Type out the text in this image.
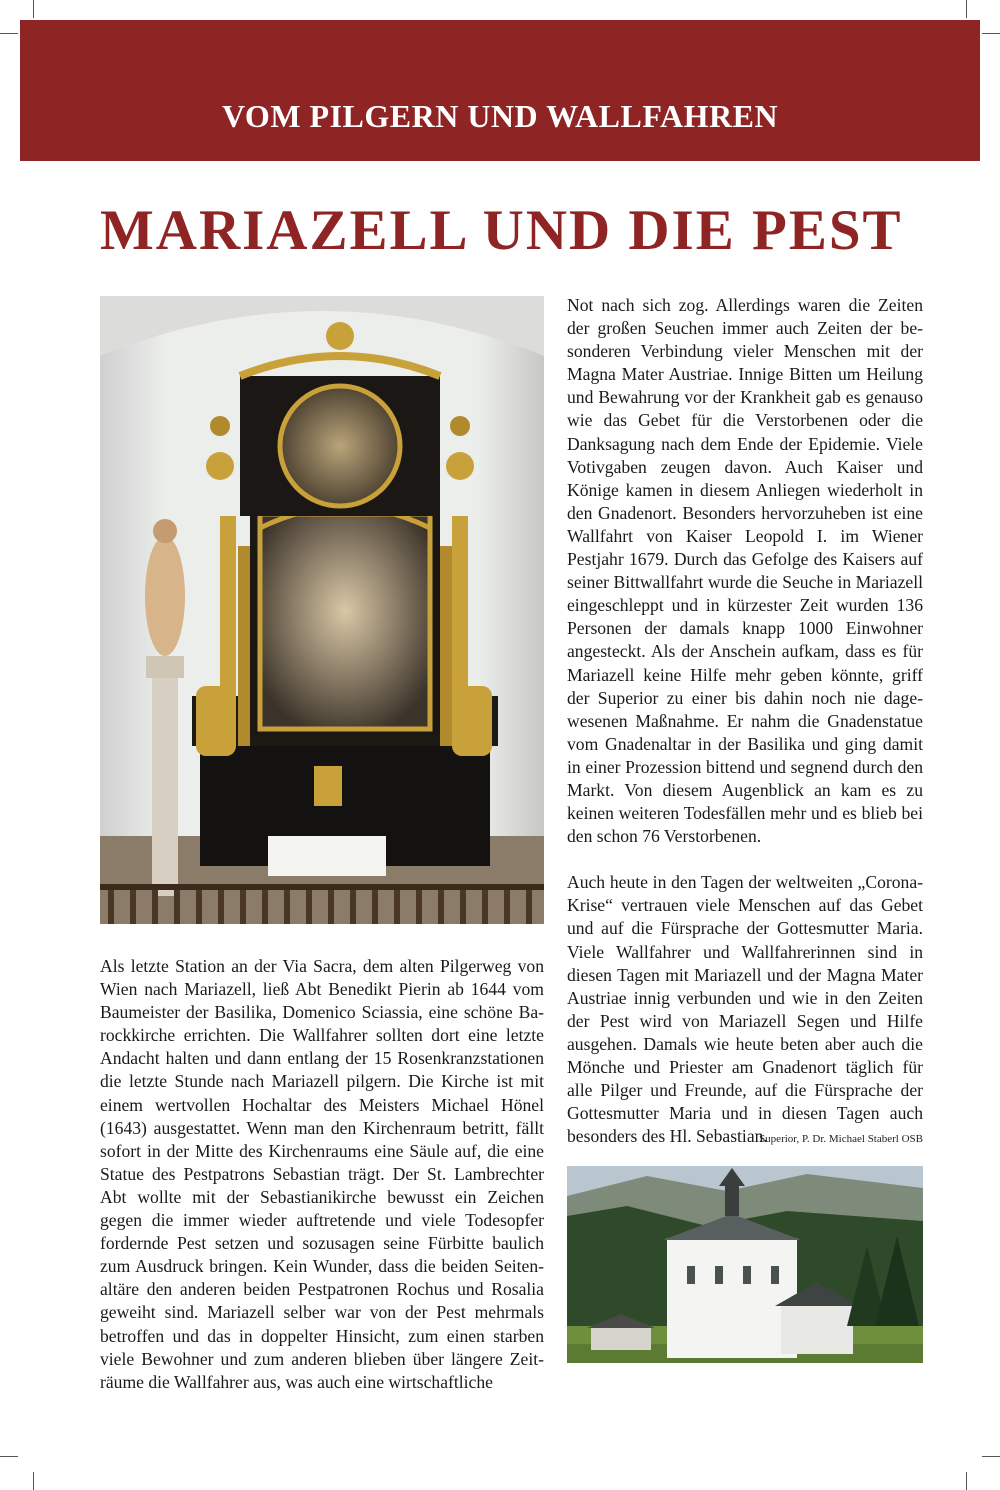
VOM PILGERN UND WALLFAHREN
MARIAZELL UND DIE PEST

Als letzte Station an der Via Sacra, dem alten Pilgerweg von Wien nach Mariazell, ließ Abt Benedikt Pierin ab 1644 vom Baumeister der Basilika, Domenico Sciassia, eine schöne Barockkirche errichten. Die Wallfahrer sollten dort eine letzte Andacht halten und dann entlang der 15 Rosenkranzstationen die letzte Stunde nach Mariazell pilgern. Die Kirche ist mit einem wertvollen Hochaltar des Meisters Michael Hönel (1643) ausgestattet. Wenn man den Kirchenraum betritt, fällt sofort in der Mitte des Kirchenraums eine Säule auf, die eine Statue des Pestpatrons Sebastian trägt. Der St. Lambrechter Abt wollte mit der Sebastianikirche bewusst ein Zeichen gegen die immer wieder auftretende und viele Todesopfer fordernde Pest setzen und sozusagen seine Fürbitte baulich zum Ausdruck bringen. Kein Wunder, dass die beiden Seitenaltäre den anderen beiden Pestpatronen Rochus und Rosalia geweiht sind. Mariazell selber war von der Pest mehrmals betroffen und das in doppelter Hinsicht, zum einen starben viele Bewohner und zum anderen blieben über längere Zeiträume die Wallfahrer aus, was auch eine wirtschaftliche

Not nach sich zog. Allerdings waren die Zeiten der großen Seuchen immer auch Zeiten der besonderen Verbindung vieler Menschen mit der Magna Mater Austriae. Innige Bitten um Heilung und Bewahrung vor der Krankheit gab es genauso wie das Gebet für die Verstorbenen oder die Danksagung nach dem Ende der Epidemie. Viele Votivgaben zeugen davon. Auch Kaiser und Könige kamen in diesem Anliegen wiederholt in den Gnadenort. Besonders hervorzuheben ist eine Wallfahrt von Kaiser Leopold I. im Wiener Pestjahr 1679. Durch das Gefolge des Kaisers auf seiner Bittwallfahrt wurde die Seuche in Mariazell eingeschleppt und in kürzester Zeit wurden 136 Personen der damals knapp 1000 Einwohner angesteckt. Als der Anschein aufkam, dass es für Mariazell keine Hilfe mehr geben könnte, griff der Superior zu einer bis dahin noch nie dagewesenen Maßnahme. Er nahm die Gnadenstatue vom Gnadenaltar in der Basilika und ging damit in einer Prozession bittend und segnend durch den Markt. Von diesem Augenblick an kam es zu keinen weiteren Todesfällen mehr und es blieb bei den schon 76 Verstorbenen.

Auch heute in den Tagen der weltweiten „Corona-Krise“ vertrauen viele Menschen auf das Gebet und auf die Fürsprache der Gottesmutter Maria. Viele Wallfahrer und Wallfahrerinnen sind in diesen Tagen mit Mariazell und der Magna Mater Austriae innig verbunden und wie in den Zeiten der Pest wird von Mariazell Segen und Hilfe ausgehen. Damals wie heute beten aber auch die Mönche und Priester am Gnadenort täglich für alle Pilger und Freunde, auf die Fürsprache der Gottesmutter Maria und in diesen Tagen auch besonders des Hl. Sebastian.

Superior, P. Dr. Michael Staberl OSB
